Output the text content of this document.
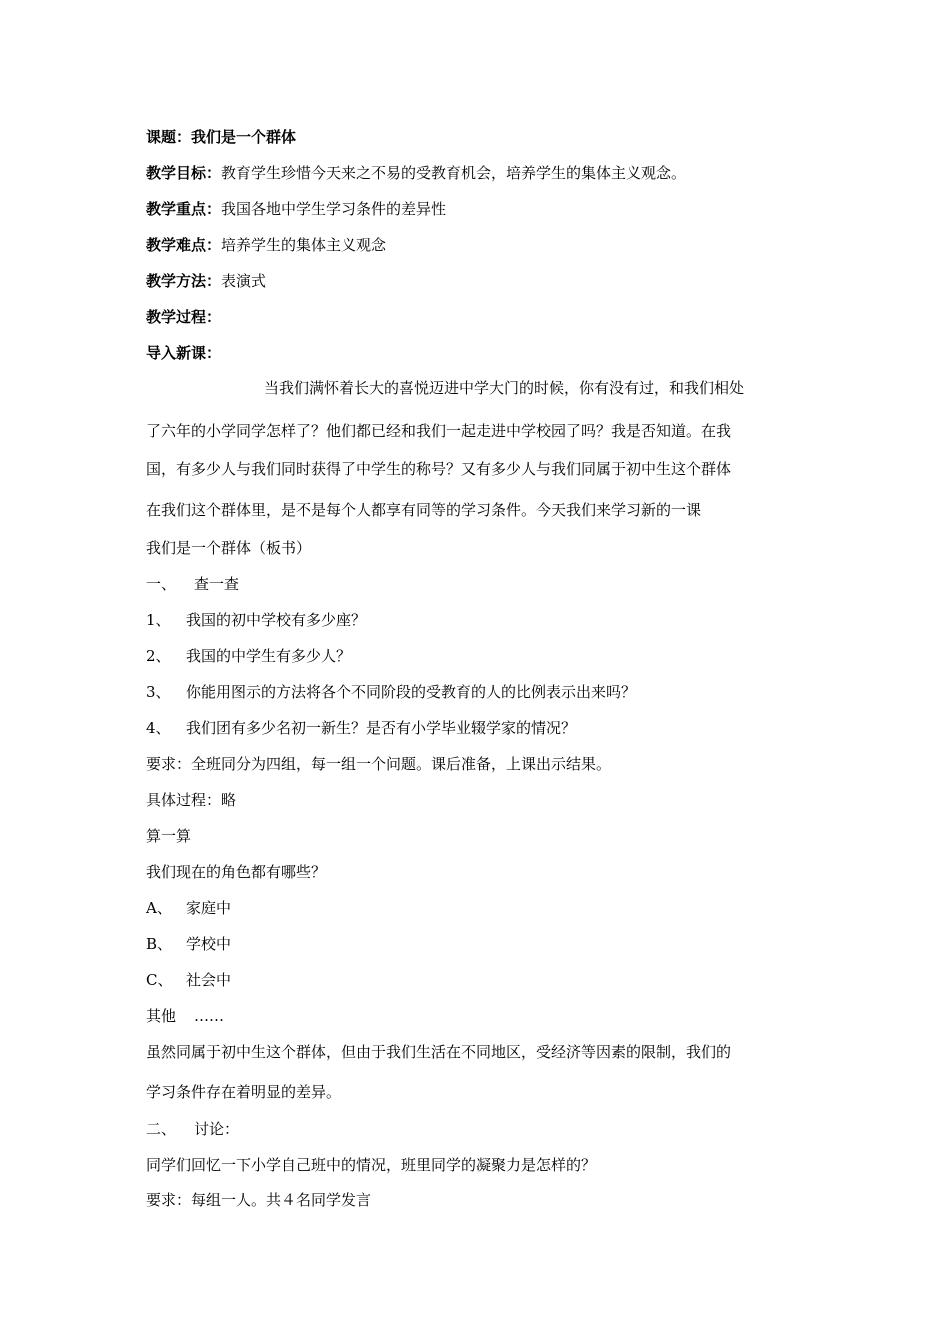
课题：我们是一个群体
教学目标：教育学生珍惜今天来之不易的受教育机会，培养学生的集体主义观念。
教学重点：我国各地中学生学习条件的差异性
教学难点：培养学生的集体主义观念
教学方法：表演式
教学过程：
导入新课：
当我们满怀着长大的喜悦迈进中学大门的时候，你有没有过，和我们相处
了六年的小学同学怎样了？他们都已经和我们一起走进中学校园了吗？我是否知道。在我
国，有多少人与我们同时获得了中学生的称号？又有多少人与我们同属于初中生这个群体
在我们这个群体里，是不是每个人都享有同等的学习条件。今天我们来学习新的一课
我们是一个群体（板书）
一、 查一查
1、 我国的初中学校有多少座？
2、 我国的中学生有多少人？
3、 你能用图示的方法将各个不同阶段的受教育的人的比例表示出来吗？
4、 我们团有多少名初一新生？是否有小学毕业辍学家的情况？
要求：全班同分为四组，每一组一个问题。课后准备，上课出示结果。
具体过程：略
算一算
我们现在的角色都有哪些？
A、 家庭中
B、 学校中
C、 社会中
其他 ……
虽然同属于初中生这个群体，但由于我们生活在不同地区，受经济等因素的限制，我们的
学习条件存在着明显的差异。
二、 讨论：
同学们回忆一下小学自己班中的情况，班里同学的凝聚力是怎样的？
要求：每组一人。共４名同学发言
